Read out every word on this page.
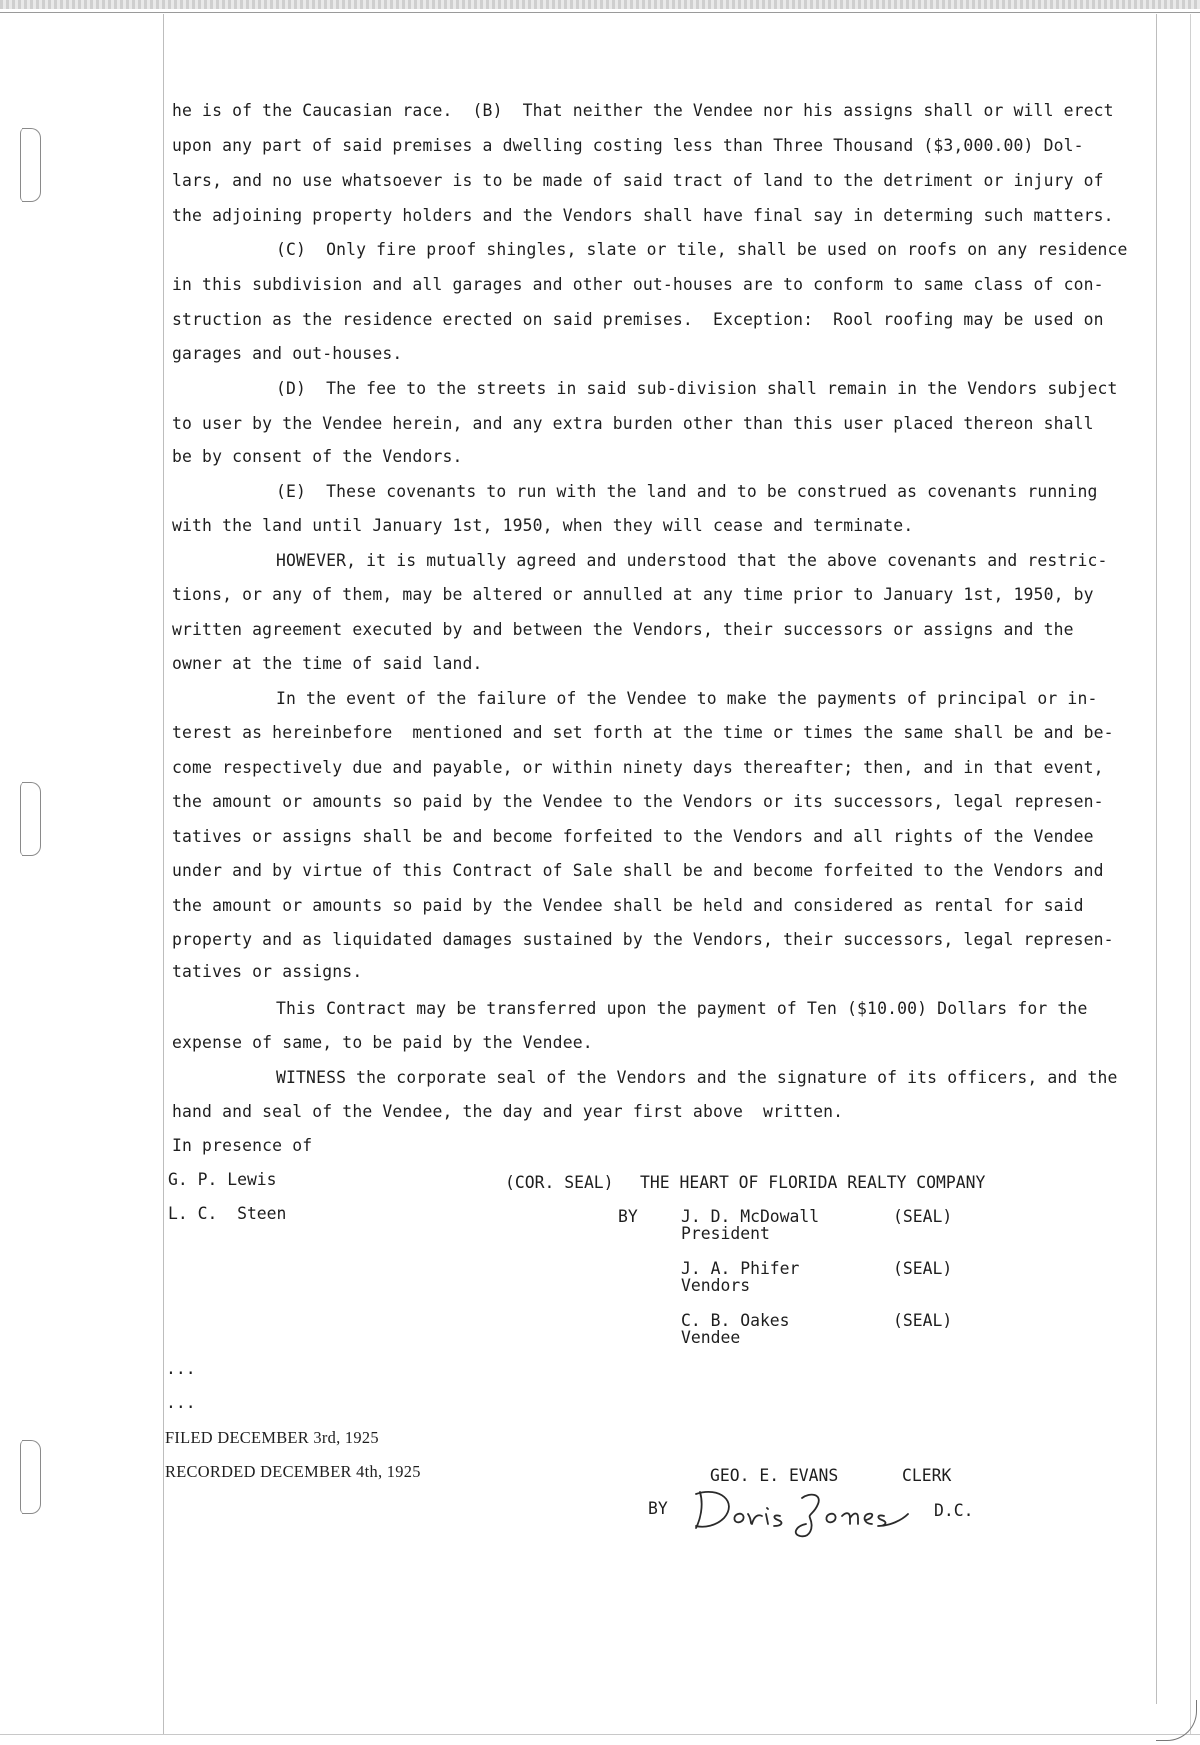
he is of the Caucasian race.  (B)  That neither the Vendee nor his assigns shall or will erect
upon any part of said premises a dwelling costing less than Three Thousand ($3,000.00) Dol-
lars, and no use whatsoever is to be made of said tract of land to the detriment or injury of
the adjoining property holders and the Vendors shall have final say in determing such matters.
(C)  Only fire proof shingles, slate or tile, shall be used on roofs on any residence
in this subdivision and all garages and other out-houses are to conform to same class of con-
struction as the residence erected on said premises.  Exception:  Rool roofing may be used on
garages and out-houses.
(D)  The fee to the streets in said sub-division shall remain in the Vendors subject
to user by the Vendee herein, and any extra burden other than this user placed thereon shall
be by consent of the Vendors.
(E)  These covenants to run with the land and to be construed as covenants running
with the land until January 1st, 1950, when they will cease and terminate.
HOWEVER, it is mutually agreed and understood that the above covenants and restric-
tions, or any of them, may be altered or annulled at any time prior to January 1st, 1950, by
written agreement executed by and between the Vendors, their successors or assigns and the
owner at the time of said land.
In the event of the failure of the Vendee to make the payments of principal or in-
terest as hereinbefore  mentioned and set forth at the time or times the same shall be and be-
come respectively due and payable, or within ninety days thereafter; then, and in that event,
the amount or amounts so paid by the Vendee to the Vendors or its successors, legal represen-
tatives or assigns shall be and become forfeited to the Vendors and all rights of the Vendee
under and by virtue of this Contract of Sale shall be and become forfeited to the Vendors and
the amount or amounts so paid by the Vendee shall be held and considered as rental for said
property and as liquidated damages sustained by the Vendors, their successors, legal represen-
tatives or assigns.
This Contract may be transferred upon the payment of Ten ($10.00) Dollars for the
expense of same, to be paid by the Vendee.
WITNESS the corporate seal of the Vendors and the signature of its officers, and the
hand and seal of the Vendee, the day and year first above  written.
In presence of
G. P. Lewis
L. C.  Steen
(COR. SEAL) THE HEART OF FLORIDA REALTY COMPANY
BY	J. D. McDowall
President
(SEAL)
J. A. Phifer
Vendors
(SEAL)
C. B. Oakes
Vendee
(SEAL)
...
...
FILED DECEMBER 3rd, 1925
RECORDED DECEMBER 4th, 1925	GEO. E. EVANS	CLERK
BY	D.C.
